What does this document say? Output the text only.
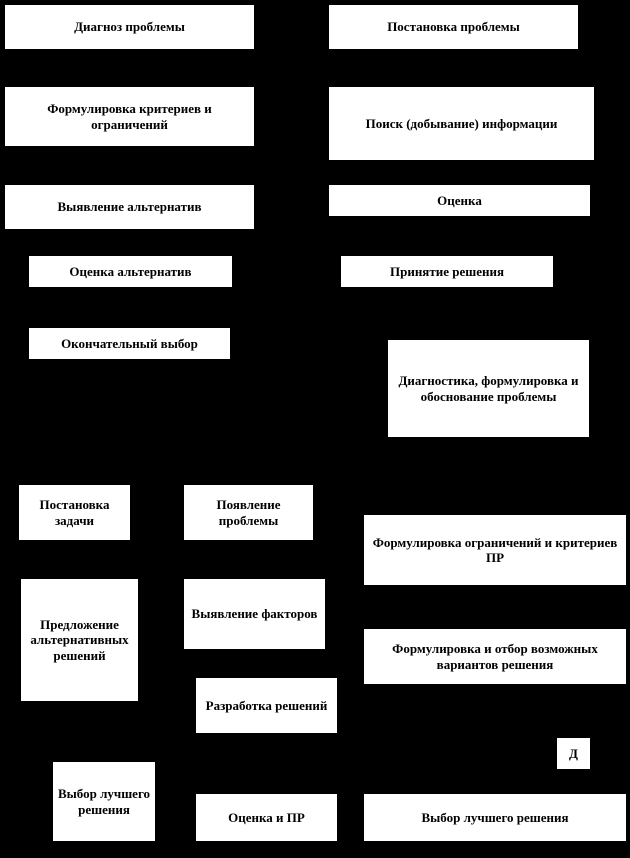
Диагноз проблемы	Постановка проблемы
Формулировка критериев и ограничений	Поиск (добывание) информации
Выявление альтернатив	Оценка
Оценка альтернатив	Принятие решения
Окончательный выбор
Диагностика, формулировка и обоснование проблемы
Постановка задачи
Появление проблемы
Формулировка ограничений и критериев ПР
Предложение альтернативных решений
Выявление факторов
Формулировка и отбор возможных вариантов решения
Разработка решений
Д
Выбор лучшего решения
Оценка и ПР	Выбор лучшего решения
